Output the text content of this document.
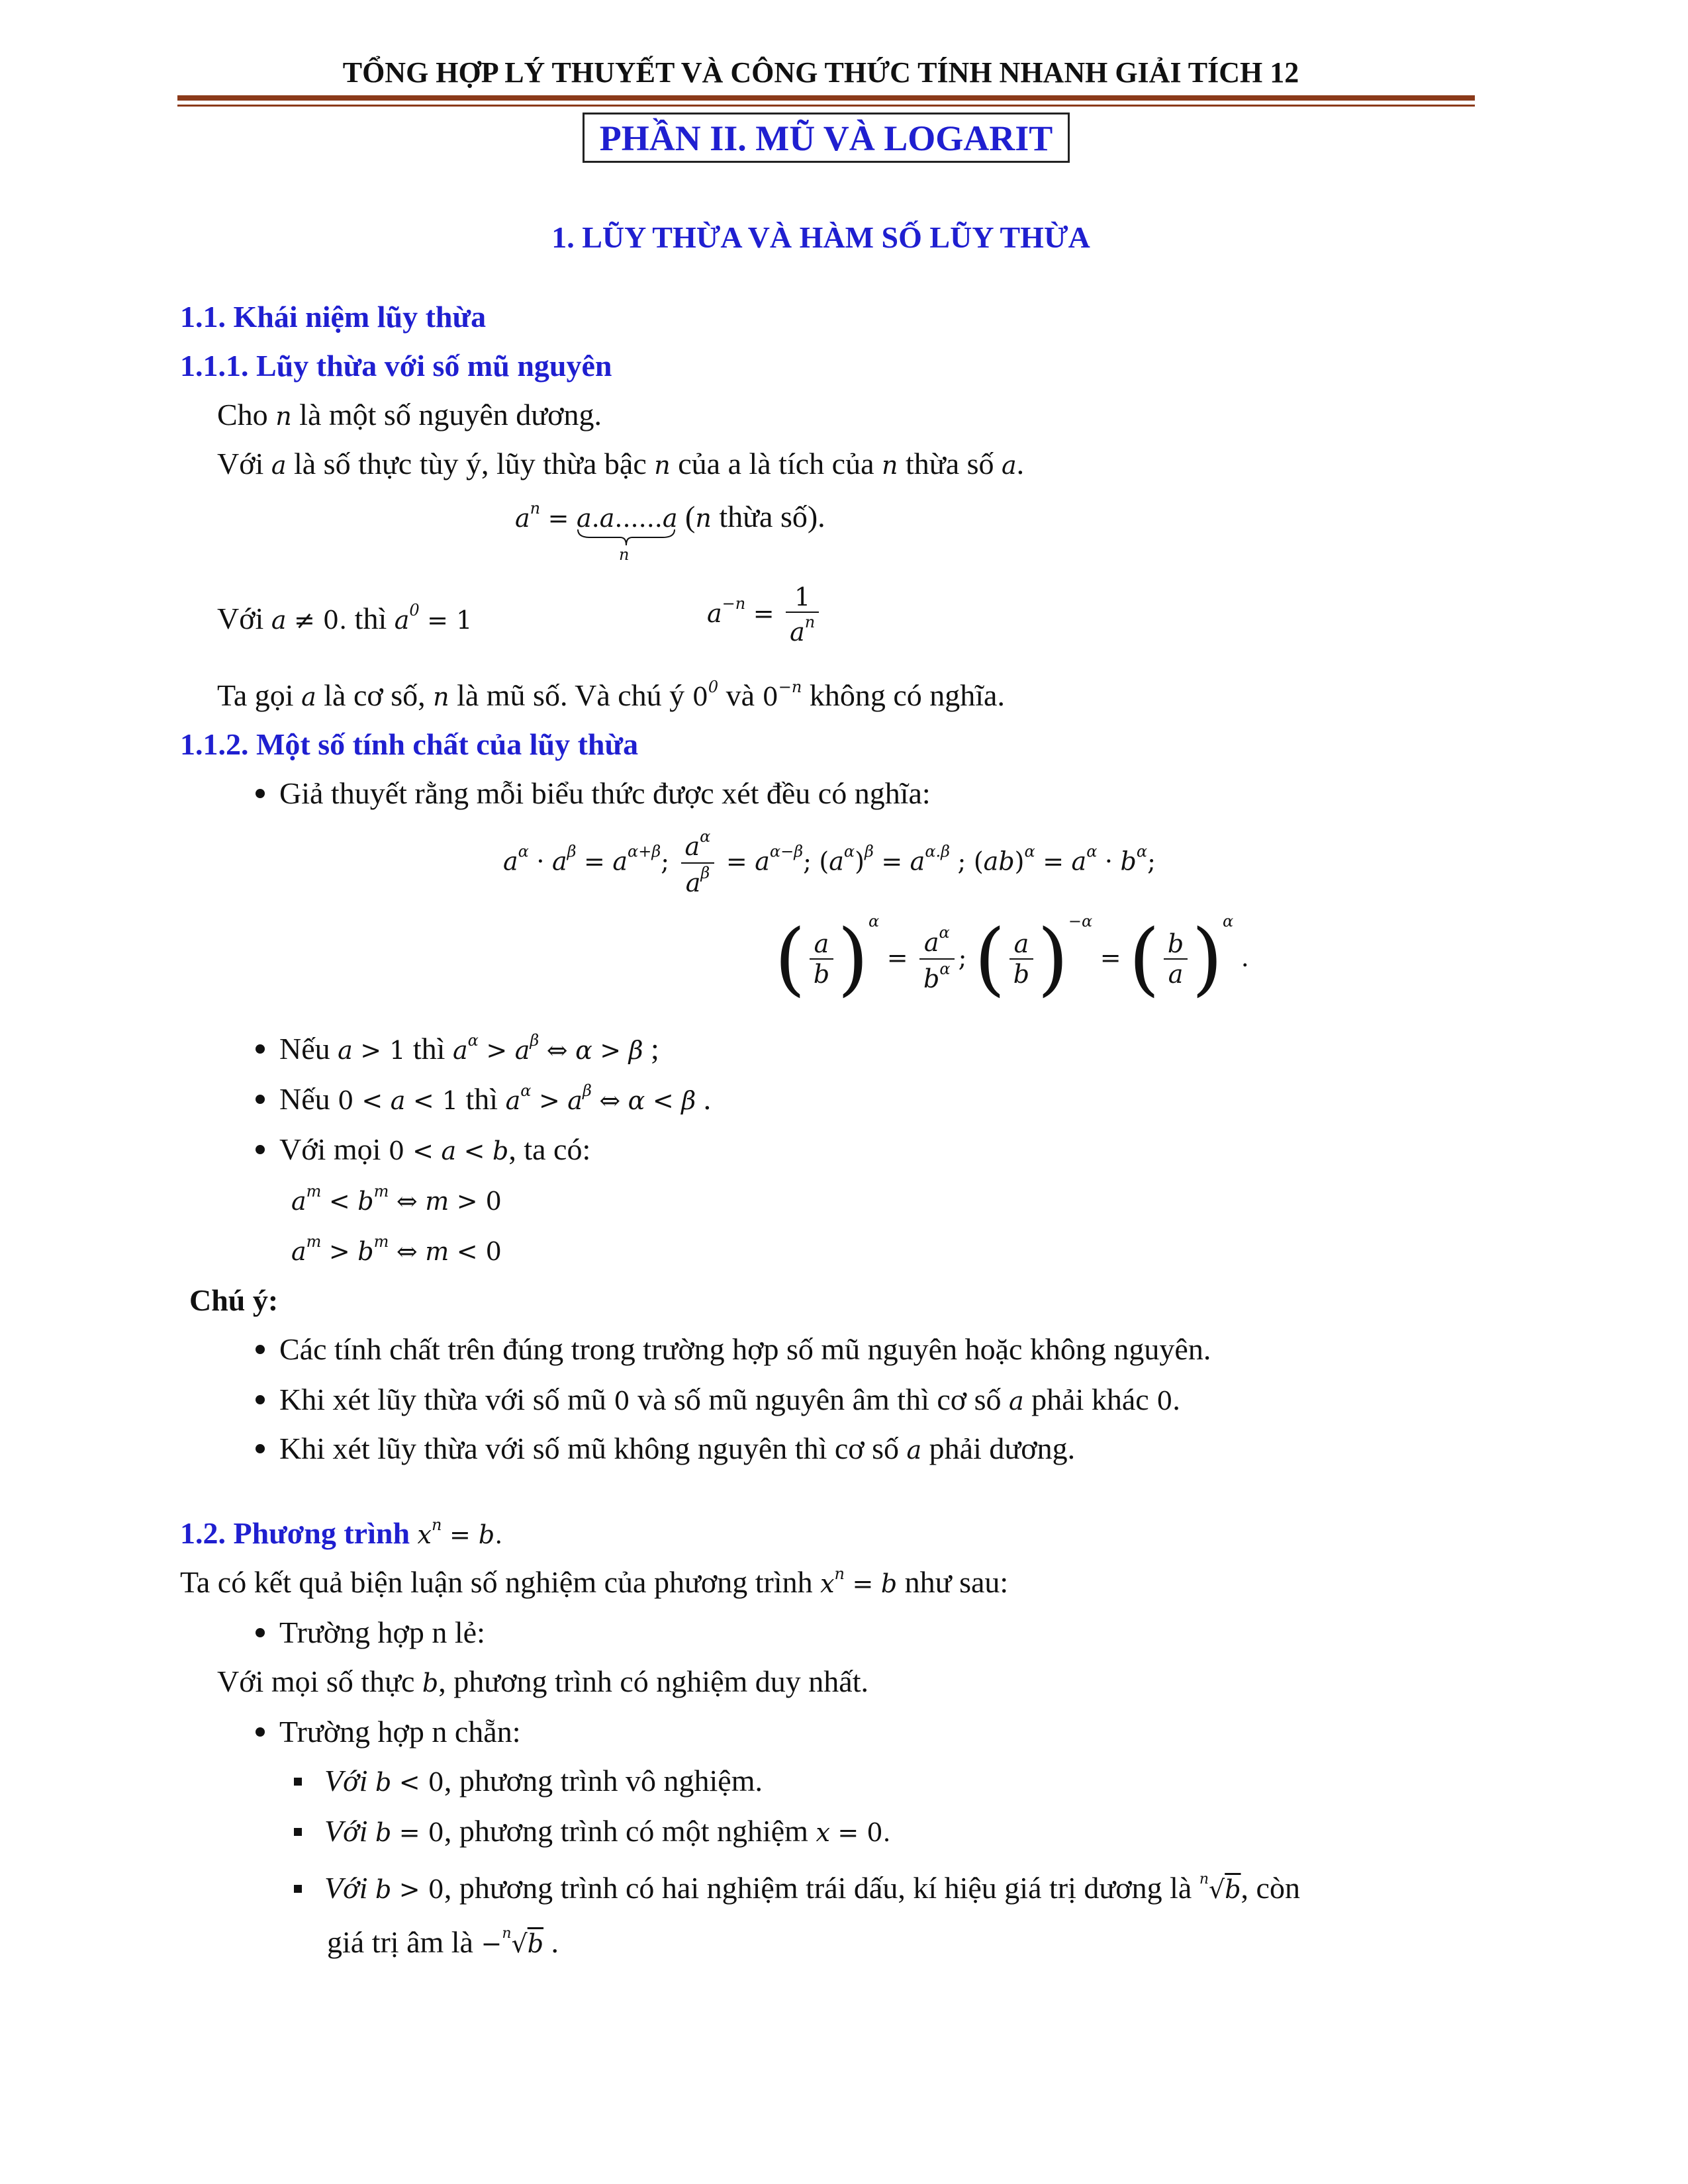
TỔNG HỢP LÝ THUYẾT VÀ CÔNG THỨC TÍNH NHANH GIẢI TÍCH 12
PHẦN II. MŨ VÀ LOGARIT
1. LŨY THỪA VÀ HÀM SỐ LŨY THỪA
1.1. Khái niệm lũy thừa
1.1.1. Lũy thừa với số mũ nguyên
Cho n là một số nguyên dương.
Với a là số thực tùy ý, lũy thừa bậc n của a là tích của n thừa số a.
$a^n = a.a......a$
n
(n thừa số).
Với a ≠ 0. thì $a^0 = 1$	$a^{-n} = \frac{1}{a^n}$
Ta gọi a là cơ số, n là mũ số. Và chú ý $0^0$ và $0^{-n}$ không có nghĩa.
1.1.2. Một số tính chất của lũy thừa
Giả thuyết rằng mỗi biểu thức được xét đều có nghĩa:
$a^\alpha \cdot a^\beta = a^{\alpha+\beta}$; $\frac{a^\alpha}{a^\beta} = a^{\alpha-\beta}$; $(a^\alpha)^\beta = a^{\alpha.\beta}$ ; $(ab)^\alpha = a^\alpha \cdot b^\alpha$;
( $\frac{a}{b} )^\alpha = \frac{a^\alpha}{b^\alpha}$ ; ( $\frac{a}{b} )^{-\alpha}$ = ( $\frac{b}{a} )^\alpha$ .
Nếu a > 1 thì $a^\alpha > a^\beta$ ⇔ α > β ;
Nếu 0 < a < 1 thì $a^\alpha > a^\beta$ ⇔ α < β .
Với mọi 0 < a < b, ta có:
$a^m < b^m$ ⇔ m > 0
$a^m > b^m$ ⇔ m < 0
Chú ý:
Các tính chất trên đúng trong trường hợp số mũ nguyên hoặc không nguyên.
Khi xét lũy thừa với số mũ 0 và số mũ nguyên âm thì cơ số a phải khác 0.
Khi xét lũy thừa với số mũ không nguyên thì cơ số a phải dương.
1.2. Phương trình $x^n = b$.
Ta có kết quả biện luận số nghiệm của phương trình $x^n = b$ như sau:
Trường hợp n lẻ:
Với mọi số thực b, phương trình có nghiệm duy nhất.
Trường hợp n chẵn:
Với b < 0, phương trình vô nghiệm.
Với b = 0, phương trình có một nghiệm x = 0.
Với b > 0, phương trình có hai nghiệm trái dấu, kí hiệu giá trị dương là $^n$√b, còn
giá trị âm là −$^n$√b .
